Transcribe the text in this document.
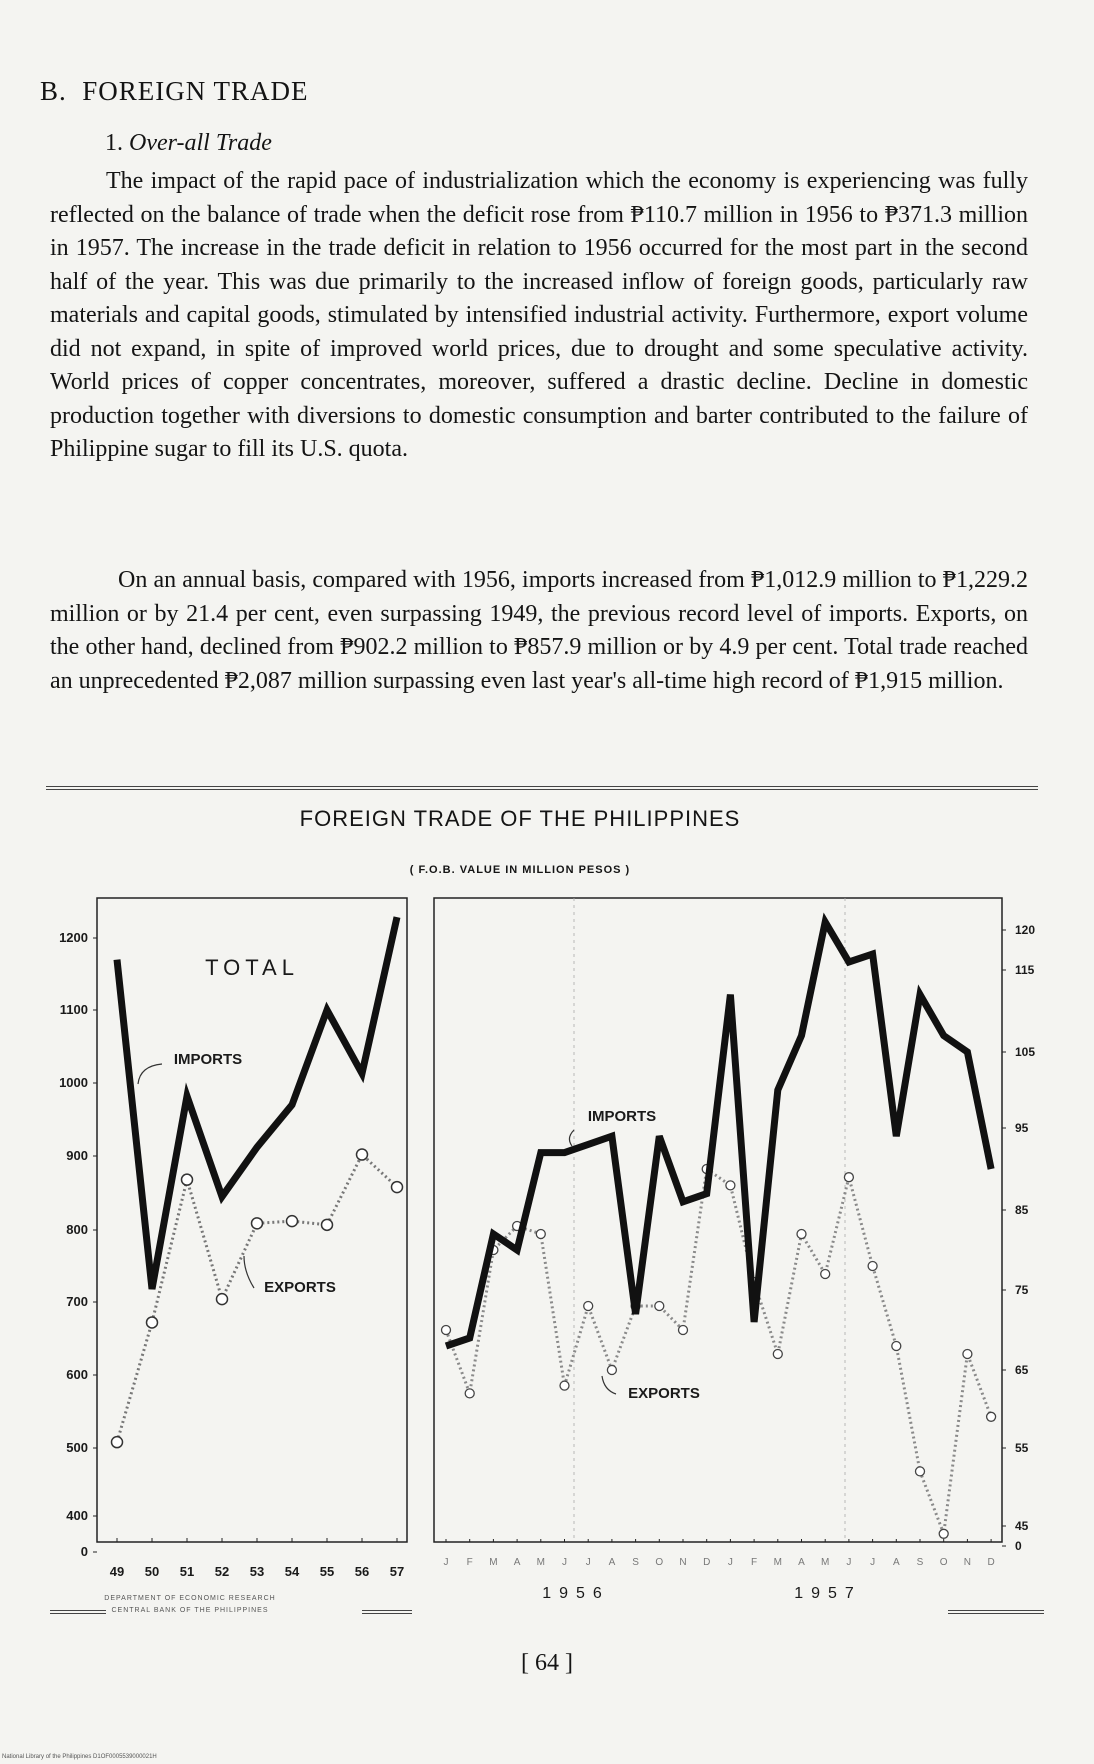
B. FOREIGN TRADE
1. Over-all Trade

The impact of the rapid pace of industrialization which the economy is experiencing was fully reflected on the balance of trade when the deficit rose from ₱110.7 million in 1956 to ₱371.3 million in 1957. The increase in the trade deficit in relation to 1956 occurred for the most part in the second half of the year. This was due primarily to the increased inflow of foreign goods, particularly raw materials and capital goods, stimulated by intensified industrial activity. Furthermore, export volume did not expand, in spite of improved world prices, due to drought and some speculative activity. World prices of copper concentrates, moreover, suffered a drastic decline. Decline in domestic production together with diversions to domestic consumption and barter contributed to the failure of Philippine sugar to fill its U.S. quota.

On an annual basis, compared with 1956, imports increased from ₱1,012.9 million to ₱1,229.2 million or by 21.4 per cent, even surpassing 1949, the previous record level of imports. Exports, on the other hand, declined from ₱902.2 million to ₱857.9 million or by 4.9 per cent. Total trade reached an unprecedented ₱2,087 million surpassing even last year's all-time high record of ₱1,915 million.

FOREIGN TRADE OF THE PHILIPPINES
( F.O.B. VALUE IN MILLION PESOS )
0
400
500
600
700
800
900
1000
1100
1200
49 50 51 52 53 54 55 56 57
TOTAL
IMPORTS
EXPORTS
DEPARTMENT OF ECONOMIC RESEARCH
CENTRAL BANK OF THE PHILIPPINES
0
45
55
65
75
85
95
105
115
120
J F M A M J J A S O N D J F M A M J J A S O N D
1956	1957
IMPORTS
EXPORTS
[ 64 ]
National Library of the Philippines D1OF0005539000021H
